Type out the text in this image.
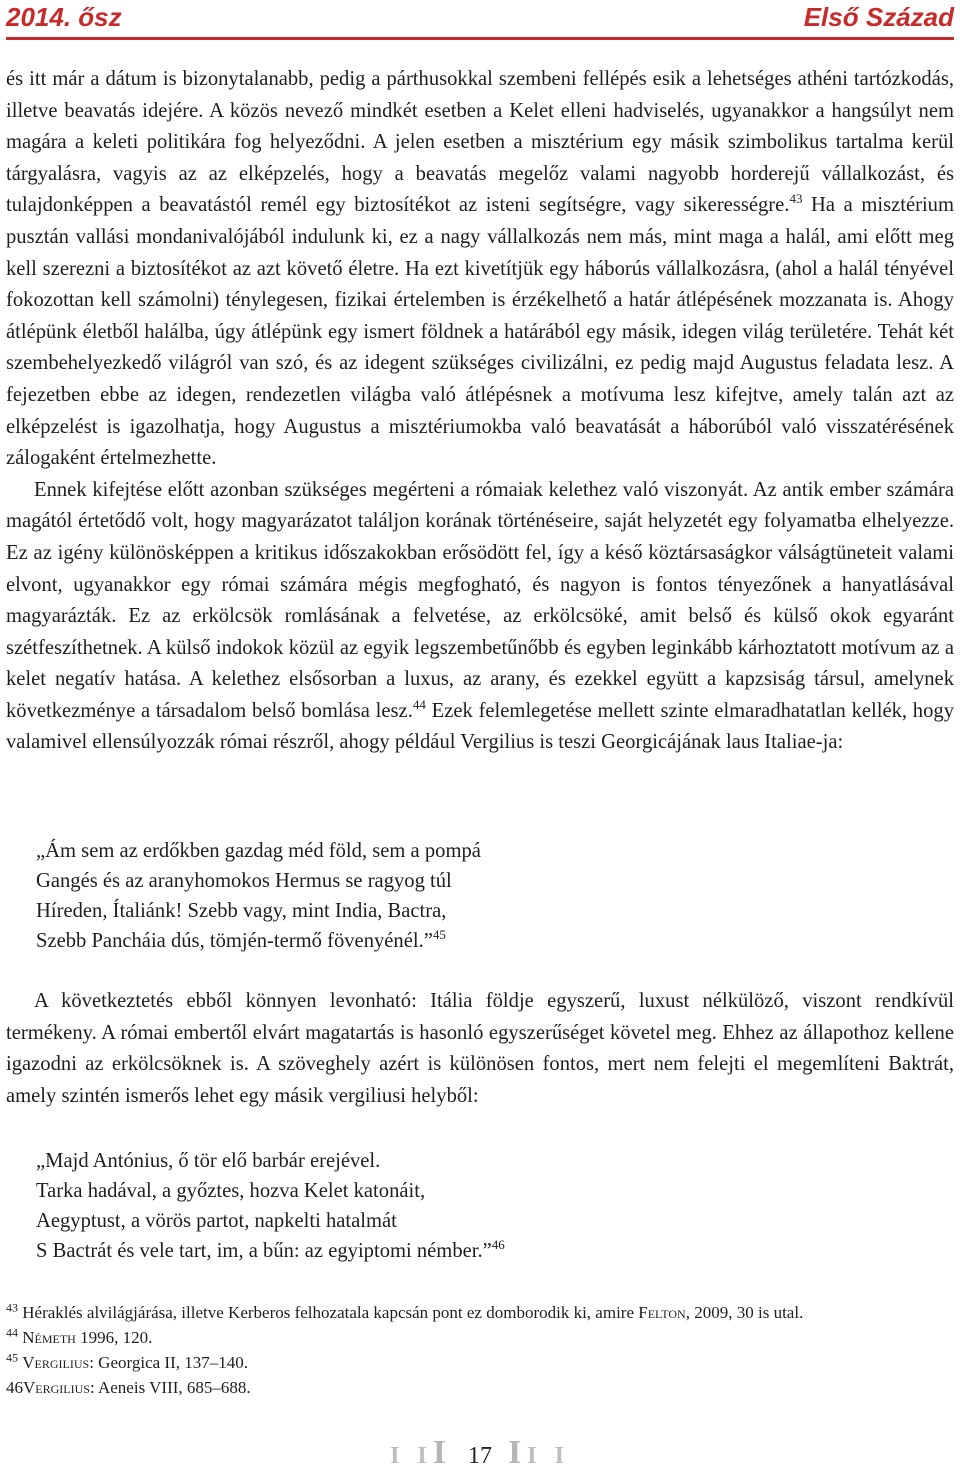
2014. ősz	Első Század

és itt már a dátum is bizonytalanabb, pedig a párthusokkal szembeni fellépés esik a lehetséges athéni tartózkodás, illetve beavatás idejére. A közös nevező mindkét esetben a Kelet elleni hadviselés, ugyanakkor a hangsúlyt nem magára a keleti politikára fog helyeződni. A jelen esetben a misztérium egy másik szimbolikus tartalma kerül tárgyalásra, vagyis az az elképzelés, hogy a beavatás megelőz valami nagyobb horderejű vállalkozást, és tulajdonképpen a beavatástól remél egy biztosítékot az isteni segítségre, vagy sikerességre.$^{43}$ Ha a misztérium pusztán vallási mondanivalójából indulunk ki, ez a nagy vállalkozás nem más, mint maga a halál, ami előtt meg kell szerezni a biztosítékot az azt követő életre. Ha ezt kivetítjük egy háborús vállalkozásra, (ahol a halál tényével fokozottan kell számolni) ténylegesen, fizikai értelemben is érzékelhető a határ átlépésének mozzanata is. Ahogy átlépünk életből halálba, úgy átlépünk egy ismert földnek a határából egy másik, idegen világ területére. Tehát két szembehelyezkedő világról van szó, és az idegent szükséges civilizálni, ez pedig majd Augustus feladata lesz. A fejezetben ebbe az idegen, rendezetlen világba való átlépésnek a motívuma lesz kifejtve, amely talán azt az elképzelést is igazolhatja, hogy Augustus a misztériumokba való beavatását a háborúból való visszatérésének zálogaként értelmezhette.

Ennek kifejtése előtt azonban szükséges megérteni a rómaiak kelethez való viszonyát. Az antik ember számára magától értetődő volt, hogy magyarázatot találjon korának történéseire, saját helyzetét egy folyamatba elhelyezze. Ez az igény különösképpen a kritikus időszakokban erősödött fel, így a késő köztársaságkor válságtüneteit valami elvont, ugyanakkor egy római számára mégis megfogható, és nagyon is fontos tényezőnek a hanyatlásával magyarázták. Ez az erkölcsök romlásának a felvetése, az erkölcsöké, amit belső és külső okok egyaránt szétfeszíthetnek. A külső indokok közül az egyik legszembetűnőbb és egyben leginkább kárhoztatott motívum az a kelet negatív hatása. A kelethez elsősorban a luxus, az arany, és ezekkel együtt a kapzsiság társul, amelynek következménye a társadalom belső bomlása lesz.$^{44}$ Ezek felemlegetése mellett szinte elmaradhatatlan kellék, hogy valamivel ellensúlyozzák római részről, ahogy például Vergilius is teszi Georgicájának laus Italiae-ja:

„Ám sem az erdőkben gazdag méd föld, sem a pompá
Gangés és az aranyhomokos Hermus se ragyog túl
Híreden, Ítaliánk! Szebb vagy, mint India, Bactra,
Szebb Pancháia dús, tömjén-termő fövenyénél.”$^{45}$

A következtetés ebből könnyen levonható: Itália földje egyszerű, luxust nélkülöző, viszont rendkívül termékeny. A római embertől elvárt magatartás is hasonló egyszerűséget követel meg. Ehhez az állapothoz kellene igazodni az erkölcsöknek is. A szöveghely azért is különösen fontos, mert nem felejti el megemlíteni Baktrát, amely szintén ismerős lehet egy másik vergiliusi helyből:

„Majd Antónius, ő tör elő barbár erejével.
Tarka hadával, a győztes, hozva Kelet katonáit,
Aegyptust, a vörös partot, napkelti hatalmát
S Bactrát és vele tart, im, a bűn: az egyiptomi némber.”$^{46}$
$^{43}$ Héraklés alvilágjárása, illetve Kerberos felhozatala kapcsán pont ez domborodik ki, amire Felton, 2009, 30 is utal.
$^{44}$ Németh 1996, 120.
$^{45}$ Vergilius: Georgica II, 137–140.
46Vergilius: Aeneis VIII, 685–688.
I II 17 II I
